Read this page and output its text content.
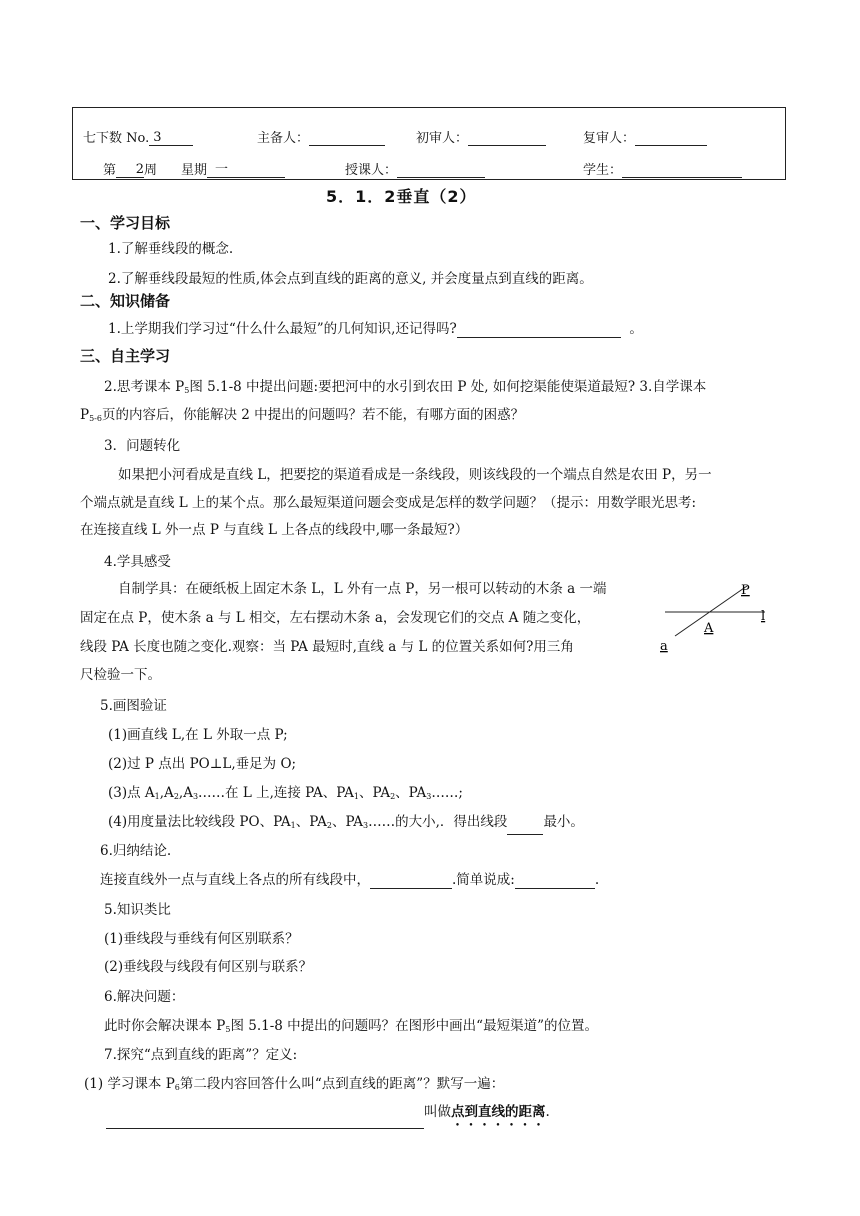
七下数 No. 3	主备人：	初审人：	复审人：
第 2周 星期 一	授课人：	学生：
5．1．2垂直（2）
一、学习目标
1.了解垂线段的概念.
2.了解垂线段最短的性质,体会点到直线的距离的意义, 并会度量点到直线的距离。
二、知识储备
1.上学期我们学习过“什么什么最短”的几何知识,还记得吗?	。
三、自主学习
2.思考课本 $P_5$图 5.1-8 中提出问题:要把河中的水引到农田 P 处, 如何挖渠能使渠道最短? 3.自学课本
$P_{5-6}$页的内容后，你能解决 2 中提出的问题吗？若不能，有哪方面的困惑？
3．问题转化
如果把小河看成是直线 L，把要挖的渠道看成是一条线段，则该线段的一个端点自然是农田 P，另一
个端点就是直线 L 上的某个点。那么最短渠道问题会变成是怎样的数学问题？（提示：用数学眼光思考:
在连接直线 L 外一点 P 与直线 L 上各点的线段中,哪一条最短?）
4.学具感受
自制学具：在硬纸板上固定木条 L，L 外有一点 P，另一根可以转动的木条 a 一端
固定在点 P，使木条 a 与 L 相交，左右摆动木条 a，会发现它们的交点 A 随之变化，
线段 PA 长度也随之变化.观察：当 PA 最短时,直线 a 与 L 的位置关系如何?用三角
尺检验一下。
P
l
A
a
5.画图验证
(1)画直线 L,在 L 外取一点 P;
(2)过 P 点出 PO⊥L,垂足为 O;
(3)点 $A_1,A_2,A_3\dots\dots$在 L 上,连接 PA、$PA_1$、$PA_2$、$PA_3\dots\dots$;
(4)用度量法比较线段 PO、$PA_1$、$PA_2$、$PA_3\dots\dots$的大小,．得出线段	最小。
6.归纳结论.
连接直线外一点与直线上各点的所有线段中，	.简单说成:	.
5.知识类比
(1)垂线段与垂线有何区别联系？
(2)垂线段与线段有何区别与联系？
6.解决问题：
此时你会解决课本 $P_5$图 5.1-8 中提出的问题吗？在图形中画出“最短渠道”的位置。
7.探究“点到直线的距离”？定义:
(1) 学习课本 $P_6$第二段内容回答什么叫“点到直线的距离”？默写一遍：
叫做点到直线的距离.
